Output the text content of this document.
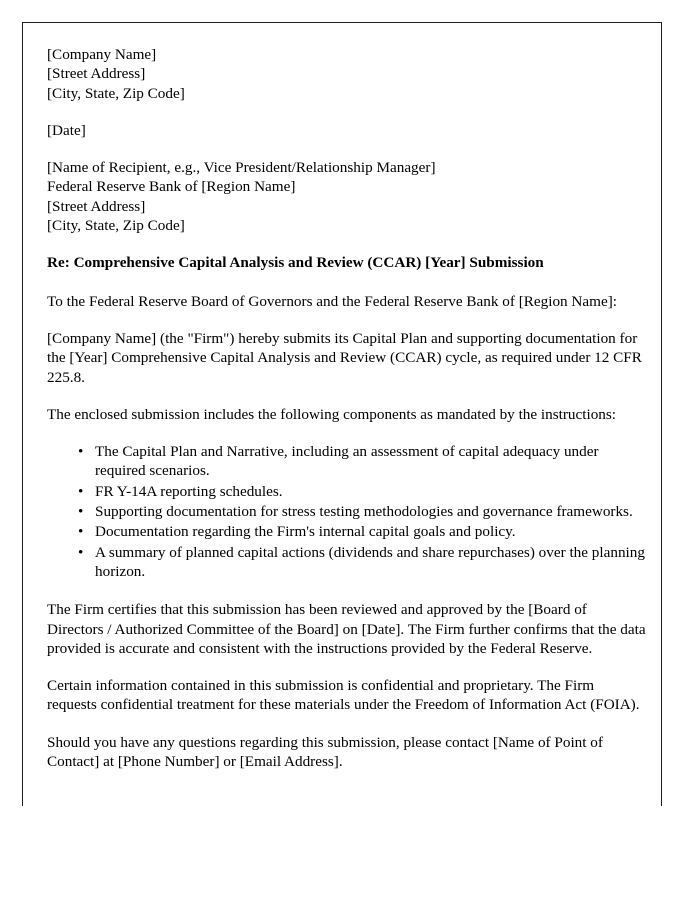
[Company Name]
[Street Address]
[City, State, Zip Code]
[Date]
[Name of Recipient, e.g., Vice President/Relationship Manager]
Federal Reserve Bank of [Region Name]
[Street Address]
[City, State, Zip Code]

Re: Comprehensive Capital Analysis and Review (CCAR) [Year] Submission

To the Federal Reserve Board of Governors and the Federal Reserve Bank of [Region Name]:

[Company Name] (the "Firm") hereby submits its Capital Plan and supporting documentation for the [Year] Comprehensive Capital Analysis and Review (CCAR) cycle, as required under 12 CFR 225.8.

The enclosed submission includes the following components as mandated by the instructions:

• The Capital Plan and Narrative, including an assessment of capital adequacy under required scenarios.
• FR Y-14A reporting schedules.
• Supporting documentation for stress testing methodologies and governance frameworks.
• Documentation regarding the Firm's internal capital goals and policy.
• A summary of planned capital actions (dividends and share repurchases) over the planning horizon.

The Firm certifies that this submission has been reviewed and approved by the [Board of Directors / Authorized Committee of the Board] on [Date]. The Firm further confirms that the data provided is accurate and consistent with the instructions provided by the Federal Reserve.

Certain information contained in this submission is confidential and proprietary. The Firm requests confidential treatment for these materials under the Freedom of Information Act (FOIA).

Should you have any questions regarding this submission, please contact [Name of Point of Contact] at [Phone Number] or [Email Address].
